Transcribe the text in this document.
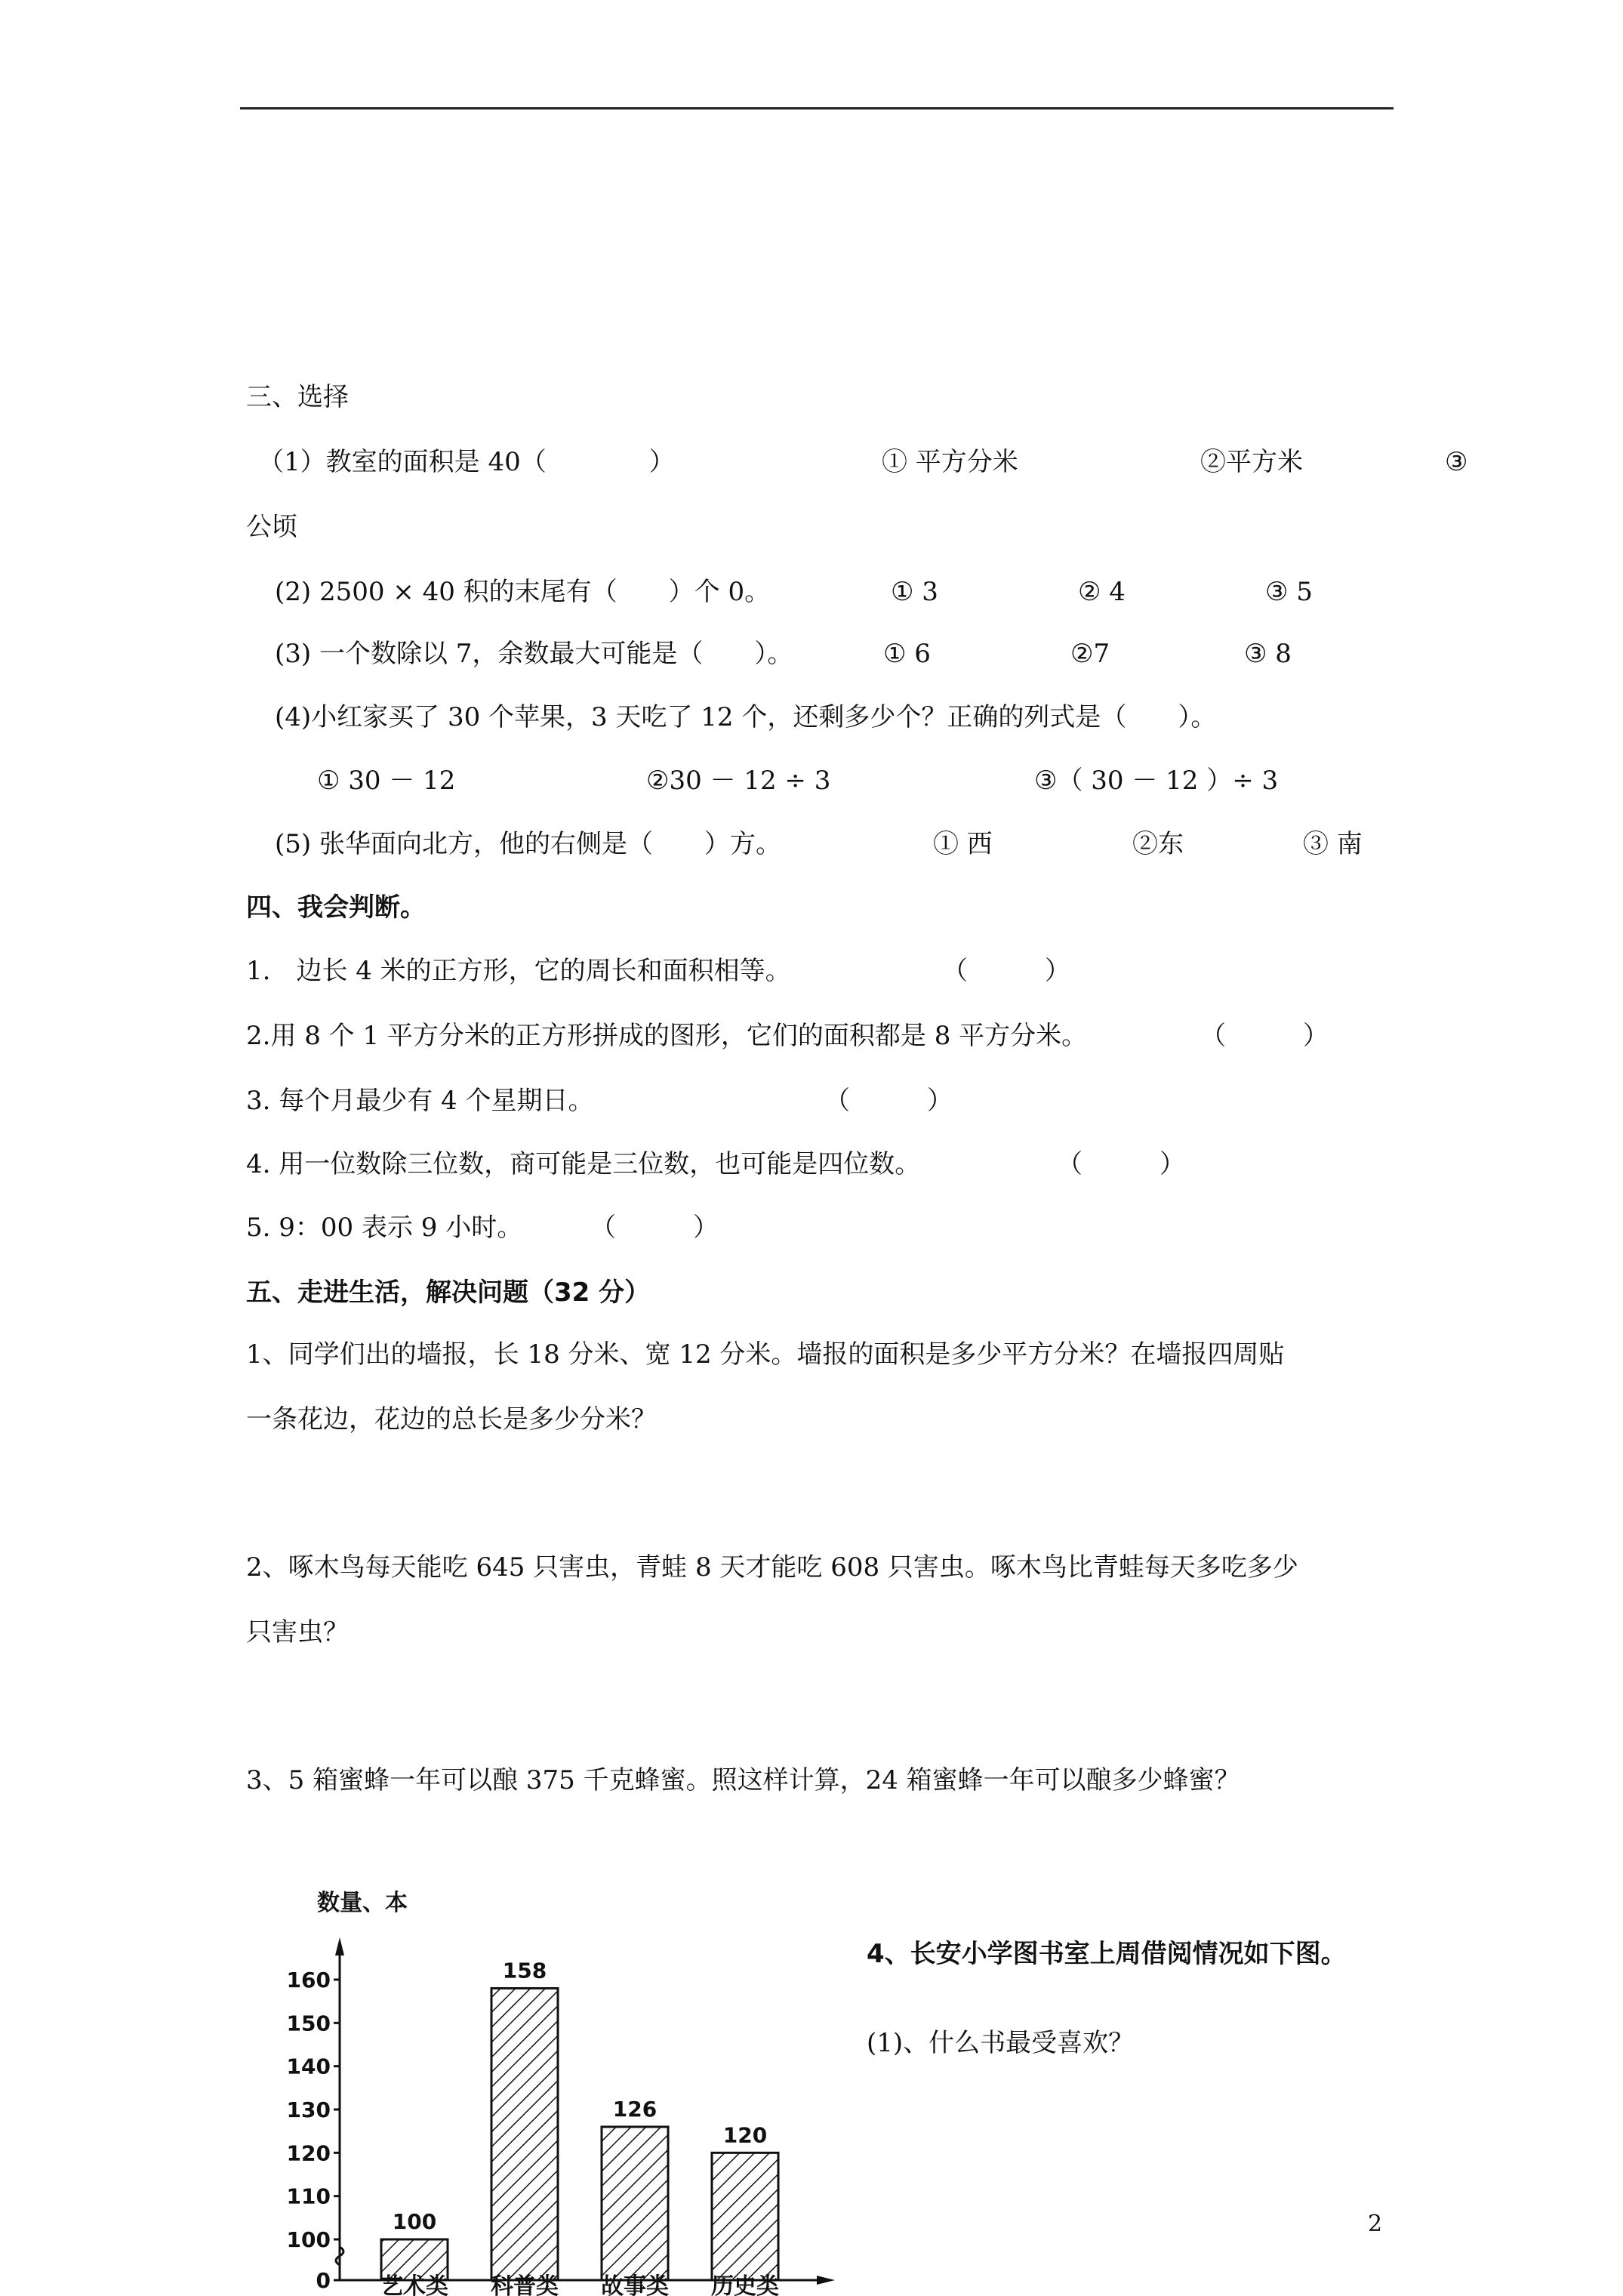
三、选择
（1）教室的面积是 40（　　　　）	① 平方分米	②平方米	③
公顷
(2) 2500 × 40 积的末尾有（　　）个 0。	① 3	② 4	③ 5
(3) 一个数除以 7，余数最大可能是（　　）。	① 6	②7	③ 8
(4)小红家买了 30 个苹果，3 天吃了 12 个，还剩多少个？正确的列式是（　　）。
① 30 － 12	②30 － 12 ÷ 3	③（ 30 － 12 ）÷ 3
(5) 张华面向北方，他的右侧是（　　）方。	① 西	②东	③ 南
四、我会判断。
1.　边长 4 米的正方形，它的周长和面积相等。	（　　　）
2.用 8 个 1 平方分米的正方形拼成的图形，它们的面积都是 8 平方分米。	（　　　）
3. 每个月最少有 4 个星期日。	（　　　）
4. 用一位数除三位数，商可能是三位数，也可能是四位数。	（　　　）
5. 9：00 表示 9 小时。	（　　　）
五、走进生活，解决问题（32 分）
1、同学们出的墙报，长 18 分米、宽 12 分米。墙报的面积是多少平方分米？在墙报四周贴
一条花边，花边的总长是多少分米？
2、啄木鸟每天能吃 645 只害虫，青蛙 8 天才能吃 608 只害虫。啄木鸟比青蛙每天多吃多少
只害虫？
3、5 箱蜜蜂一年可以酿 375 千克蜂蜜。照这样计算，24 箱蜜蜂一年可以酿多少蜂蜜？
4、长安小学图书室上周借阅情况如下图。
(1)、什么书最受喜欢？
数量、本
0
100
110
120
130
140
150
160
100
艺术类
158
科普类
126
故事类
120
历史类
2
